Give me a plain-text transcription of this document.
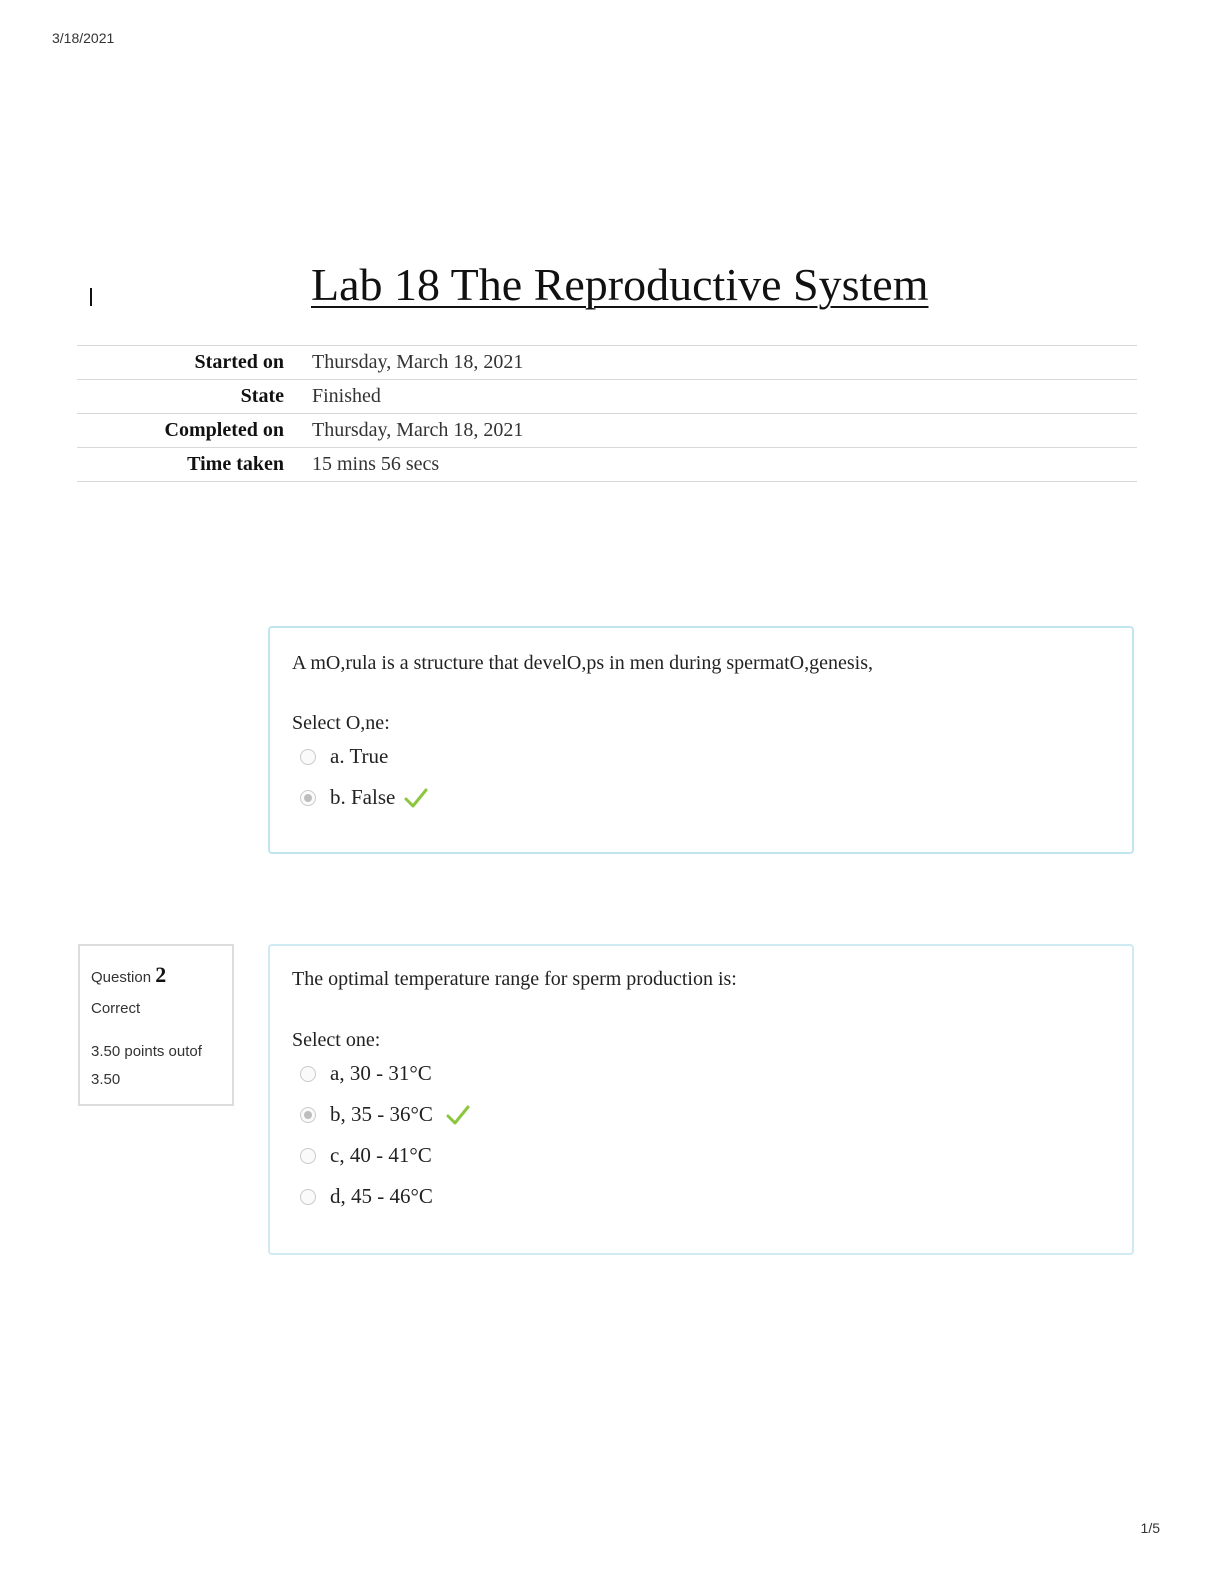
3/18/2021
Lab 18 The Reproductive System
Started on	Thursday, March 18, 2021
State	Finished
Completed on	Thursday, March 18, 2021
Time taken	15 mins 56 secs
A mO,rula is a structure that develO,ps in men during spermatO,genesis,
Select O,ne:
a. True
b. False
Question 2
Correct
3.50 points outof 3.50
The optimal temperature range for sperm production is:
Select one:
a, 30 - 31°C
b, 35 - 36°C
c, 40 - 41°C
d, 45 - 46°C
1/5
